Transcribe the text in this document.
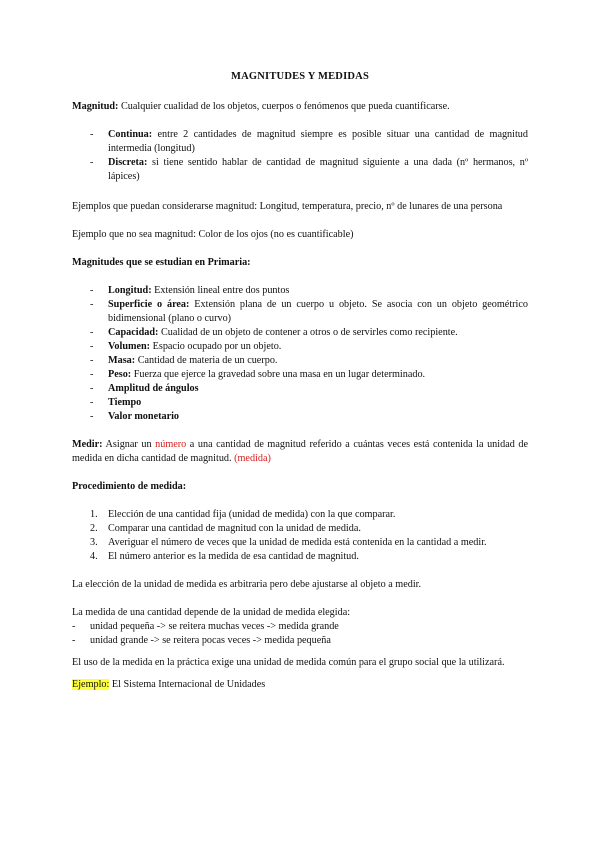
MAGNITUDES Y MEDIDAS

Magnitud: Cualquier cualidad de los objetos, cuerpos o fenómenos que pueda cuantificarse.

- Continua: entre 2 cantidades de magnitud siempre es posible situar una cantidad de magnitud intermedia (longitud)
- Discreta: si tiene sentido hablar de cantidad de magnitud siguiente a una dada (nº hermanos, nº lápices)

Ejemplos que puedan considerarse magnitud: Longitud, temperatura, precio, nº de lunares de una persona

Ejemplo que no sea magnitud: Color de los ojos (no es cuantificable)

Magnitudes que se estudian en Primaria:

- Longitud: Extensión lineal entre dos puntos
- Superficie o área: Extensión plana de un cuerpo u objeto. Se asocia con un objeto geométrico bidimensional (plano o curvo)
- Capacidad: Cualidad de un objeto de contener a otros o de servirles como recipiente.
- Volumen: Espacio ocupado por un objeto.
- Masa: Cantidad de materia de un cuerpo.
- Peso: Fuerza que ejerce la gravedad sobre una masa en un lugar determinado.
- Amplitud de ángulos
- Tiempo
- Valor monetario

Medir: Asignar un número a una cantidad de magnitud referido a cuántas veces está contenida la unidad de medida en dicha cantidad de magnitud. (medida)

Procedimiento de medida:

1. Elección de una cantidad fija (unidad de medida) con la que comparar.
2. Comparar una cantidad de magnitud con la unidad de medida.
3. Averiguar el número de veces que la unidad de medida está contenida en la cantidad a medir.
4. El número anterior es la medida de esa cantidad de magnitud.

La elección de la unidad de medida es arbitraria pero debe ajustarse al objeto a medir.

La medida de una cantidad depende de la unidad de medida elegida:

- unidad pequeña -> se reitera muchas veces -> medida grande
- unidad grande -> se reitera pocas veces -> medida pequeña

El uso de la medida en la práctica exige una unidad de medida común para el grupo social que la utilizará.

Ejemplo: El Sistema Internacional de Unidades
